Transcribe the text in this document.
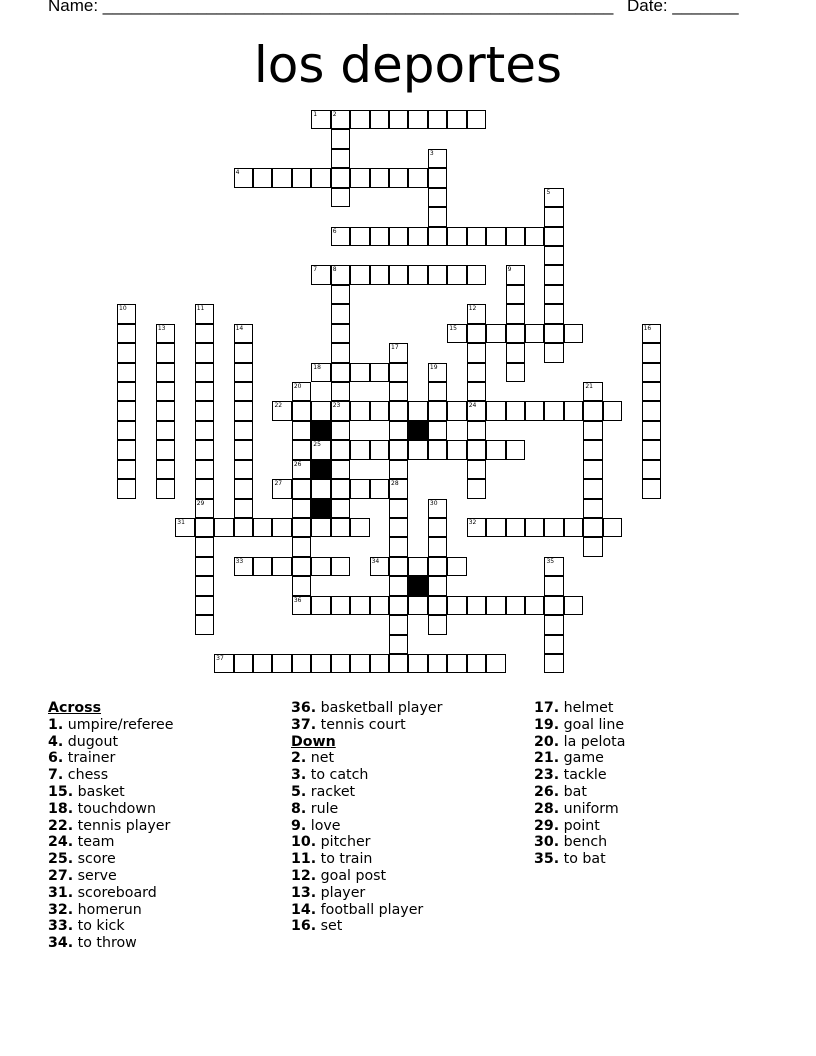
Name: ______________________________________________________ Date: _______
los deportes
1	2
3
4
5
6
7	8	9
10	11	12
24
13	14	15	16
17
28
18	19
20
26
21
22	23
25
27
29	30
31	32
33	34	35
36
37
Across
1. umpire/referee
4. dugout
6. trainer
7. chess
15. basket
18. touchdown
22. tennis player
24. team
25. score
27. serve
31. scoreboard
32. homerun
33. to kick
34. to throw
36. basketball player
37. tennis court
Down
2. net
3. to catch
5. racket
8. rule
9. love
10. pitcher
11. to train
12. goal post
13. player
14. football player
16. set
17. helmet
19. goal line
20. la pelota
21. game
23. tackle
26. bat
28. uniform
29. point
30. bench
35. to bat
